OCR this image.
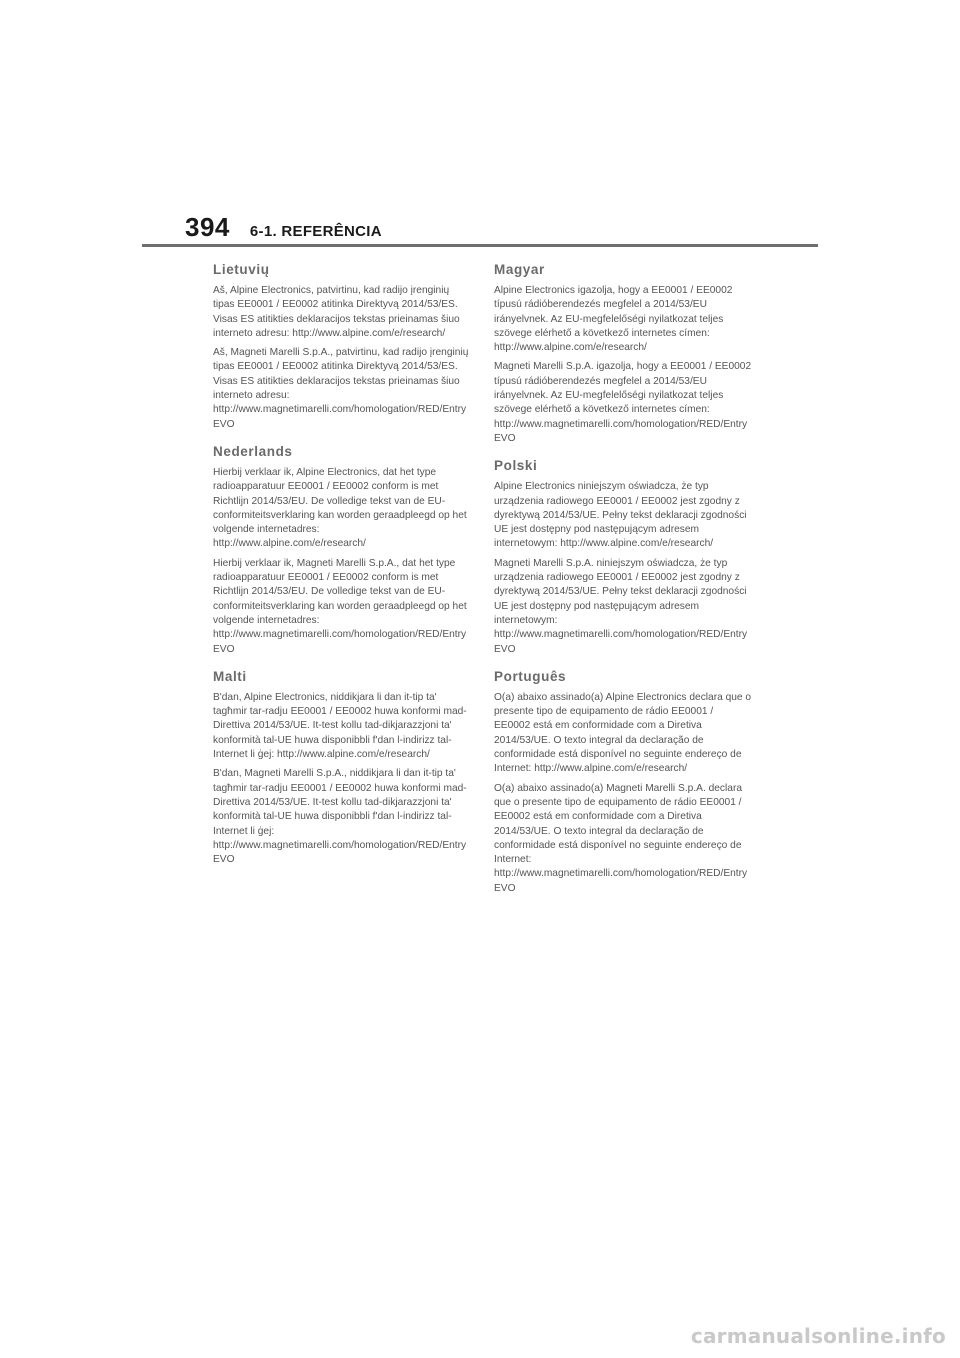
394 6-1. REFERÊNCIA
Lietuvių

Aš, Alpine Electronics, patvirtinu, kad radijo įrenginių tipas EE0001 / EE0002 atitinka Direktyvą 2014/53/ES. Visas ES atitikties deklaracijos tekstas prieinamas šiuo interneto adresu: http://www.alpine.com/e/research/

Aš, Magneti Marelli S.p.A., patvirtinu, kad radijo įrenginių tipas EE0001 / EE0002 atitinka Direktyvą 2014/53/ES. Visas ES atitikties deklaracijos tekstas prieinamas šiuo interneto adresu: http://www.magnetimarelli.com/homologation/RED/EntryEVO

Nederlands

Hierbij verklaar ik, Alpine Electronics, dat het type radioapparatuur EE0001 / EE0002 conform is met Richtlijn 2014/53/EU. De volledige tekst van de EU-conformiteitsverklaring kan worden geraadpleegd op het volgende internetadres: http://www.alpine.com/e/research/

Hierbij verklaar ik, Magneti Marelli S.p.A., dat het type radioapparatuur EE0001 / EE0002 conform is met Richtlijn 2014/53/EU. De volledige tekst van de EU-conformiteitsverklaring kan worden geraadpleegd op het volgende internetadres: http://www.magnetimarelli.com/homologation/RED/EntryEVO

Malti

B'dan, Alpine Electronics, niddikjara li dan it-tip ta' tagħmir tar-radju EE0001 / EE0002 huwa konformi mad-Direttiva 2014/53/UE. It-test kollu tad-dikjarazzjoni ta' konformità tal-UE huwa disponibbli f'dan l-indirizz tal-Internet li ġej: http://www.alpine.com/e/research/

B'dan, Magneti Marelli S.p.A., niddikjara li dan it-tip ta' tagħmir tar-radju EE0001 / EE0002 huwa konformi mad-Direttiva 2014/53/UE. It-test kollu tad-dikjarazzjoni ta' konformità tal-UE huwa disponibbli f'dan l-indirizz tal-Internet li ġej: http://www.magnetimarelli.com/homologation/RED/EntryEVO

Magyar

Alpine Electronics igazolja, hogy a EE0001 / EE0002 típusú rádióberendezés megfelel a 2014/53/EU irányelvnek. Az EU-megfelelőségi nyilatkozat teljes szövege elérhető a következő internetes címen: http://www.alpine.com/e/research/

Magneti Marelli S.p.A. igazolja, hogy a EE0001 / EE0002 típusú rádióberendezés megfelel a 2014/53/EU irányelvnek. Az EU-megfelelőségi nyilatkozat teljes szövege elérhető a következő internetes címen: http://www.magnetimarelli.com/homologation/RED/EntryEVO

Polski

Alpine Electronics niniejszym oświadcza, że typ urządzenia radiowego EE0001 / EE0002 jest zgodny z dyrektywą 2014/53/UE. Pełny tekst deklaracji zgodności UE jest dostępny pod następującym adresem internetowym: http://www.alpine.com/e/research/

Magneti Marelli S.p.A. niniejszym oświadcza, że typ urządzenia radiowego EE0001 / EE0002 jest zgodny z dyrektywą 2014/53/UE. Pełny tekst deklaracji zgodności UE jest dostępny pod następującym adresem internetowym: http://www.magnetimarelli.com/homologation/RED/EntryEVO

Português

O(a) abaixo assinado(a) Alpine Electronics declara que o presente tipo de equipamento de rádio EE0001 / EE0002 está em conformidade com a Diretiva 2014/53/UE. O texto integral da declaração de conformidade está disponível no seguinte endereço de Internet: http://www.alpine.com/e/research/

O(a) abaixo assinado(a) Magneti Marelli S.p.A. declara que o presente tipo de equipamento de rádio EE0001 / EE0002 está em conformidade com a Diretiva 2014/53/UE. O texto integral da declaração de conformidade está disponível no seguinte endereço de Internet: http://www.magnetimarelli.com/homologation/RED/EntryEVO

carmanualsonline.info
